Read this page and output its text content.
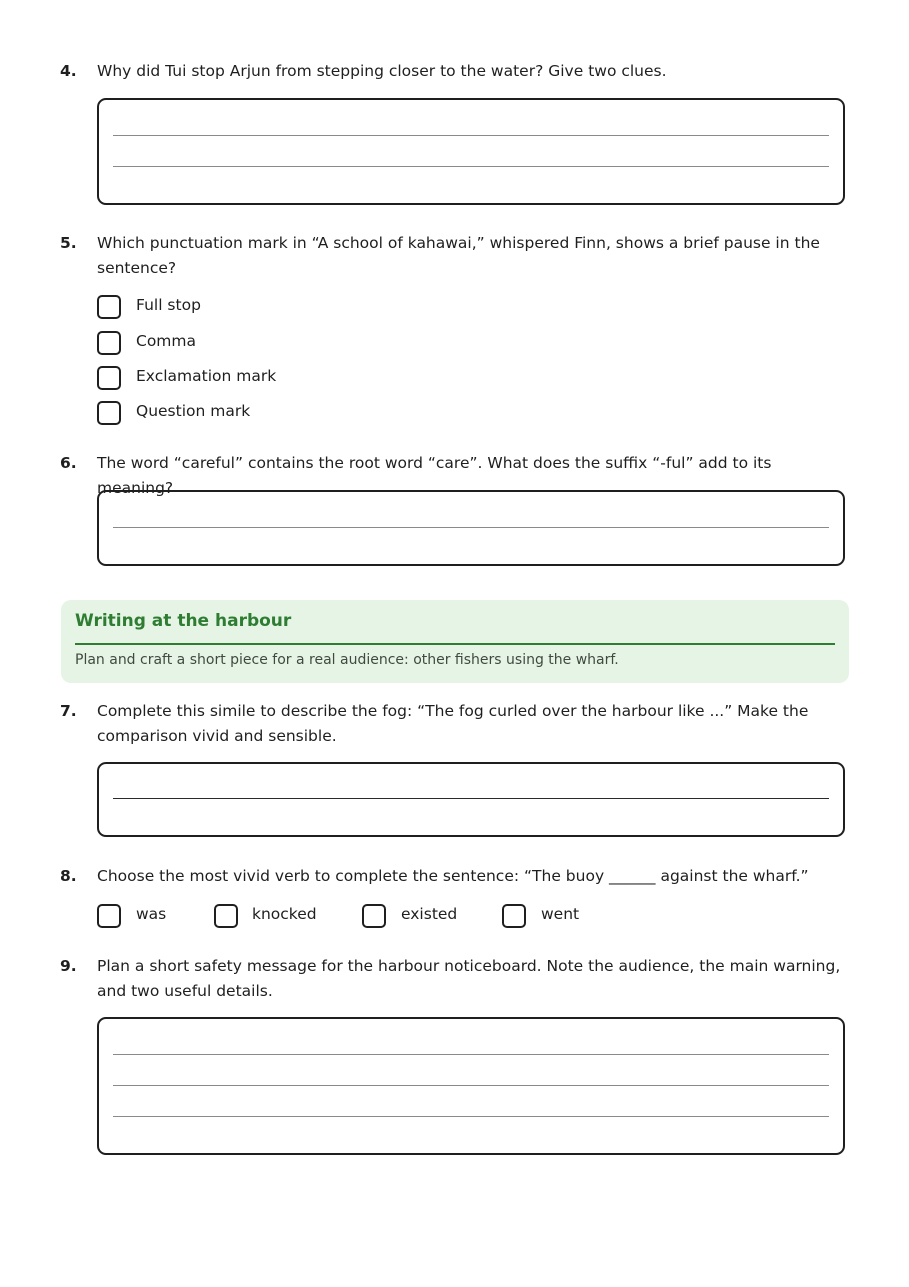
4. Why did Tui stop Arjun from stepping closer to the water? Give two clues.
5. Which punctuation mark in “A school of kahawai,” whispered Finn, shows a brief pause in the sentence?
Full stop
Comma
Exclamation mark
Question mark
6. The word “careful” contains the root word “care”. What does the suffix “-ful” add to its meaning?
Writing at the harbour
Plan and craft a short piece for a real audience: other fishers using the wharf.
7. Complete this simile to describe the fog: “The fog curled over the harbour like ...” Make the comparison vivid and sensible.
8. Choose the most vivid verb to complete the sentence: “The buoy ______ against the wharf.”
was	knocked	existed	went
9. Plan a short safety message for the harbour noticeboard. Note the audience, the main warning, and two useful details.
